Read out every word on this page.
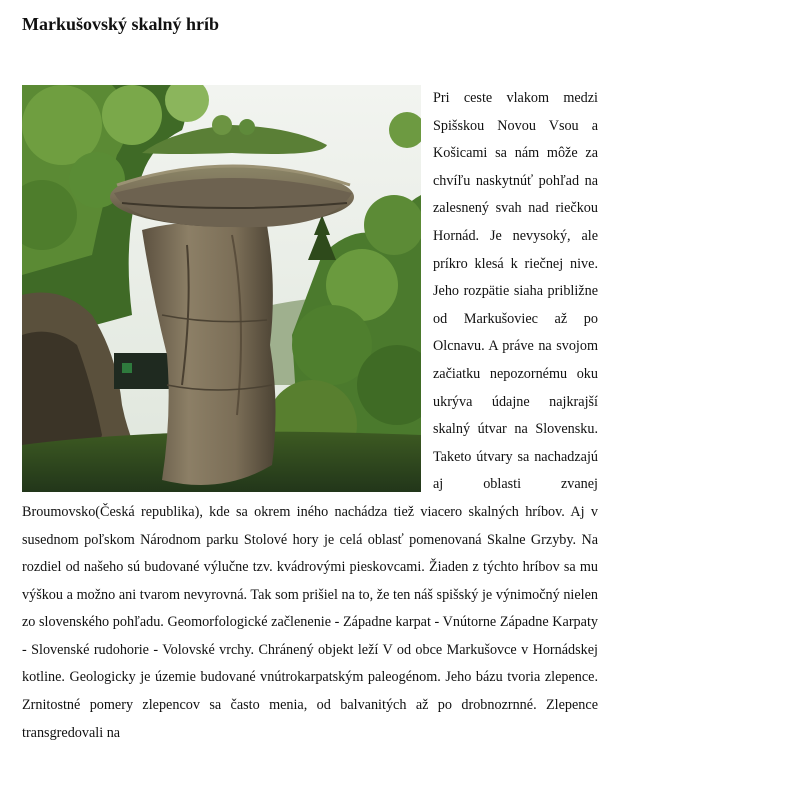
Markušovský skalný hríb

Pri ceste vlakom medzi Spišskou Novou Vsou a Košicami sa nám môže za chvíľu naskytnúť pohľad na zalesnený svah nad riečkou Hornád. Je nevysoký, ale príkro klesá k riečnej nive. Jeho rozpätie siaha približne od Markušoviec až po Olcnavu. A práve na svojom začiatku nepozornému oku ukrýva údajne najkrajší skalný útvar na Slovensku. Taketo útvary sa nachadzajú aj oblasti zvanej Broumovsko(Česká republika), kde sa okrem iného nachádza tiež viacero skalných hríbov. Aj v susednom poľskom Národnom parku Stolové hory je celá oblasť pomenovaná Skalne Grzyby. Na rozdiel od našeho sú budované výlučne tzv. kvádrovými pieskovcami. Žiaden z týchto hríbov sa mu výškou a možno ani tvarom nevyrovná. Tak som prišiel na to, že ten náš spišský je výnimočný nielen zo slovenského pohľadu. Geomorfologické začlenenie - Západne karpat - Vnútorne Západne Karpaty - Slovenské rudohorie - Volovské vrchy. Chránený objekt leží V od obce Markušovce v Hornádskej kotline. Geologicky je územie budované vnútrokarpatským paleogénom. Jeho bázu tvoria zlepence. Zrnitostné pomery zlepencov sa často menia, od balvanitých až po drobnozrnné. Zlepence transgredovali na
